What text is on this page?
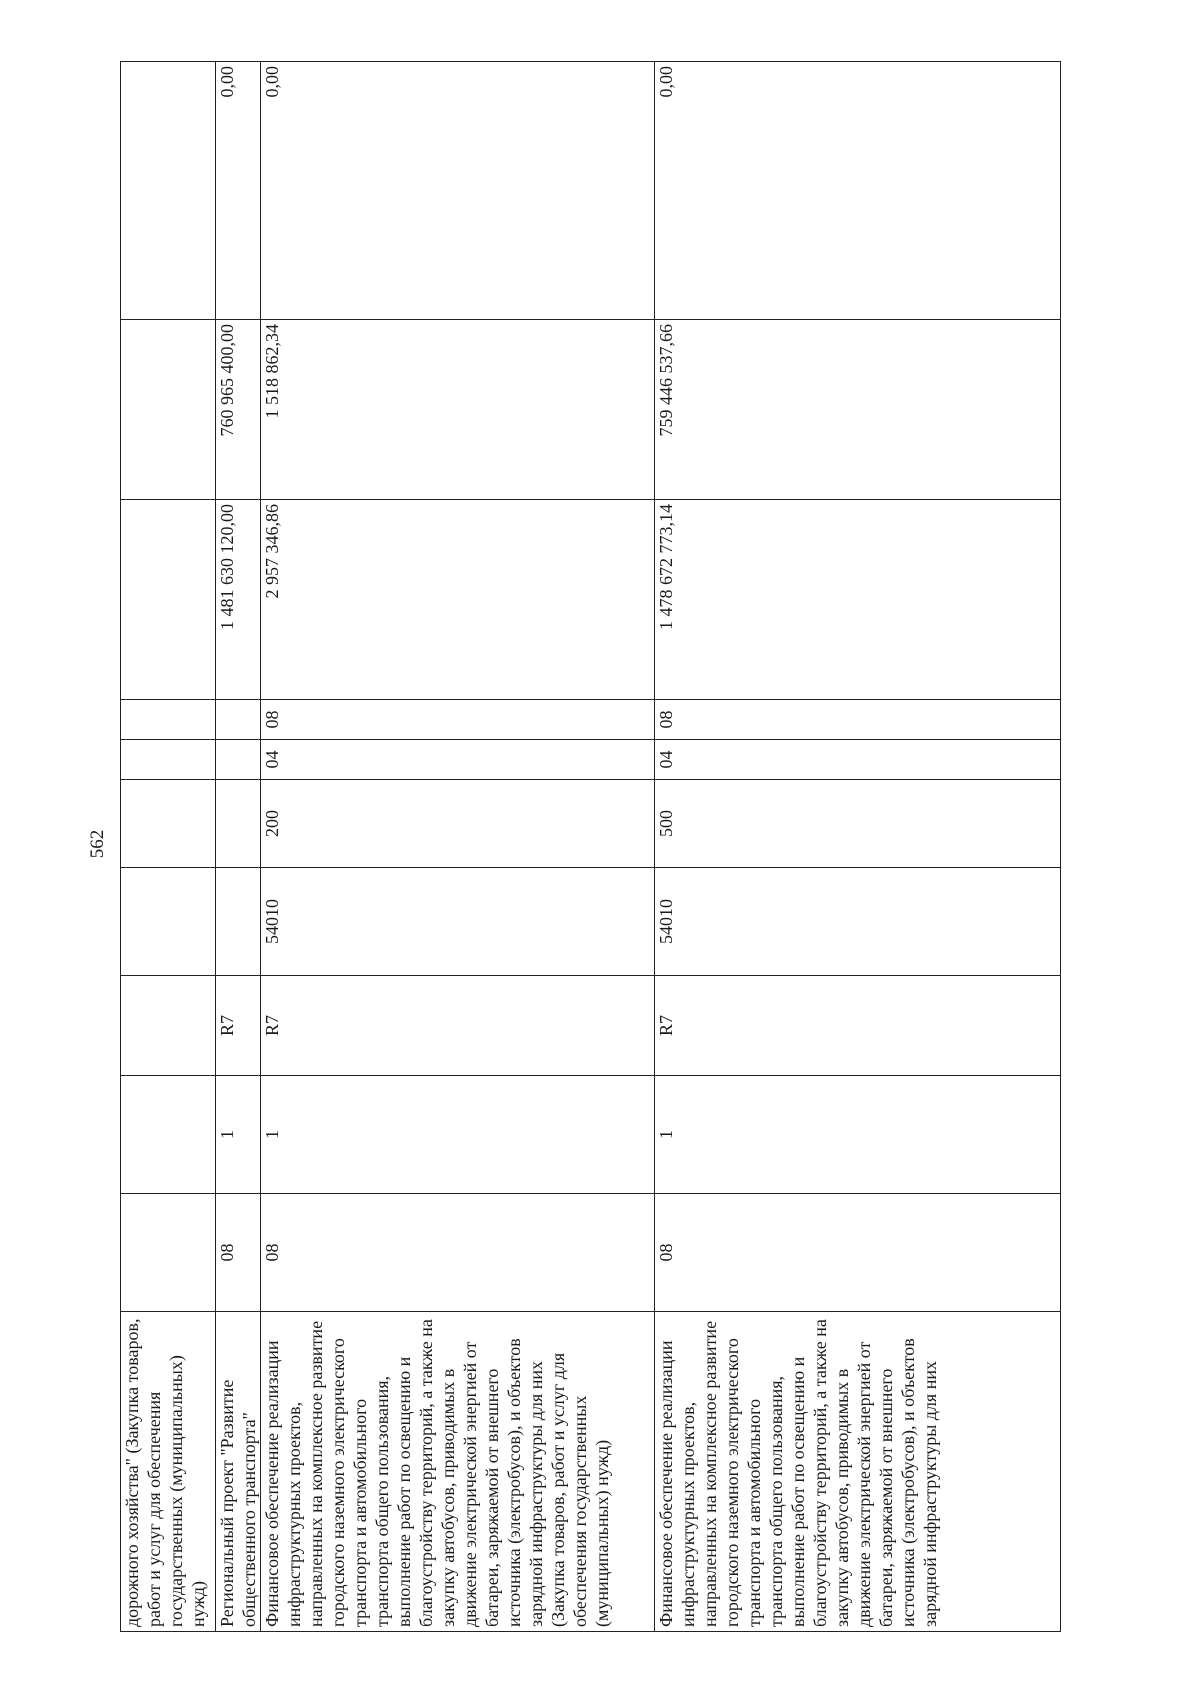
562
дорожного хозяйства" (Закупка товаров, работ и услуг для обеспечения государственных (муниципальных) нужд)										
Региональный проект "Развитие общественного транспорта"	08	1	R7					1 481 630 120,00	760 965 400,00	0,00
Финансовое обеспечение реализации инфраструктурных проектов, направленных на комплексное развитие городского наземного электрического транспорта и автомобильного транспорта общего пользования, выполнение работ по освещению и благоустройству территорий, а также на закупку автобусов, приводимых в движение электрической энергией от батареи, заряжаемой от внешнего источника (электробусов), и объектов зарядной инфраструктуры для них (Закупка товаров, работ и услуг для обеспечения государственных (муниципальных) нужд)	08	1	R7	54010	200	04	08	2 957 346,86	1 518 862,34	0,00
Финансовое обеспечение реализации инфраструктурных проектов, направленных на комплексное развитие городского наземного электрического транспорта и автомобильного транспорта общего пользования, выполнение работ по освещению и благоустройству территорий, а также на закупку автобусов, приводимых в движение электрической энергией от батареи, заряжаемой от внешнего источника (электробусов), и объектов зарядной инфраструктуры для них	08	1	R7	54010	500	04	08	1 478 672 773,14	759 446 537,66	0,00
